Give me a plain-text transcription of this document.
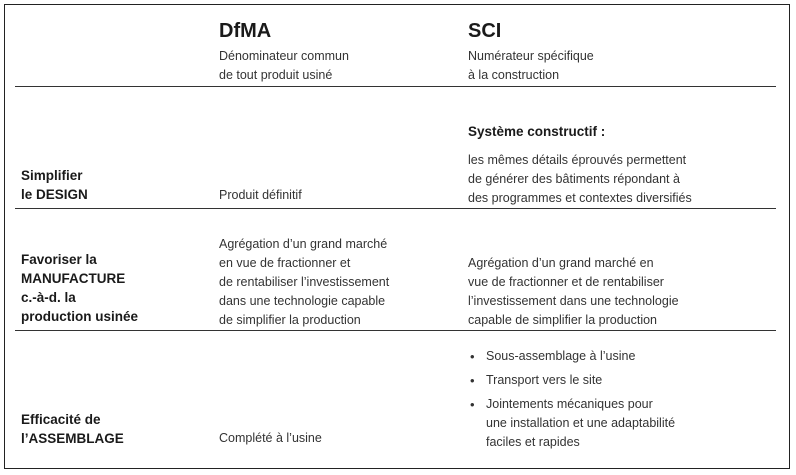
DfMA
Dénominateur commun
de tout produit usiné
SCI
Numérateur spécifique
à la construction
Simplifier
le DESIGN	Produit définitif
Système constructif :
les mêmes détails éprouvés permettent
de générer des bâtiments répondant à
des programmes et contextes diversifiés
Favoriser la
MANUFACTURE
c.-à-d. la
production usinée
Agrégation d’un grand marché
en vue de fractionner et
de rentabiliser l’investissement
dans une technologie capable
de simplifier la production
Agrégation d’un grand marché en
vue de fractionner et de rentabiliser
l’investissement dans une technologie
capable de simplifier la production
Efficacité de
l’ASSEMBLAGE	Complété à l’usine
• Sous-assemblage à l’usine
• Transport vers le site
• Jointements mécaniques pour
une installation et une adaptabilité
faciles et rapides
